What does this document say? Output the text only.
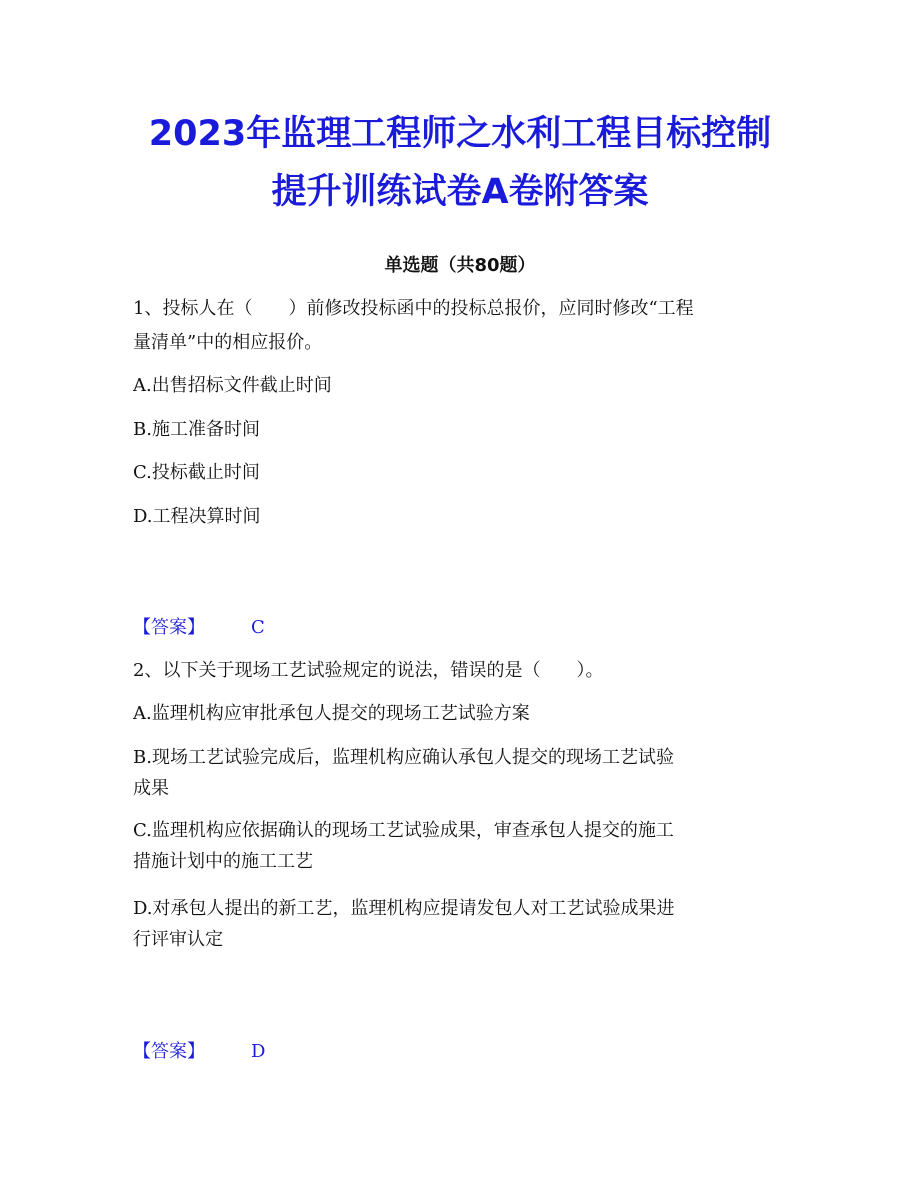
2023年监理工程师之水利工程目标控制
提升训练试卷A卷附答案

单选题（共80题）

1、投标人在（　　）前修改投标函中的投标总报价，应同时修改“工程

量清单”中的相应报价。

A.出售招标文件截止时间

B.施工准备时间

C.投标截止时间

D.工程决算时间

【答案】	C

2、以下关于现场工艺试验规定的说法，错误的是（　　）。

A.监理机构应审批承包人提交的现场工艺试验方案

B.现场工艺试验完成后，监理机构应确认承包人提交的现场工艺试验

成果

C.监理机构应依据确认的现场工艺试验成果，审查承包人提交的施工

措施计划中的施工工艺

D.对承包人提出的新工艺，监理机构应提请发包人对工艺试验成果进

行评审认定

【答案】	D
